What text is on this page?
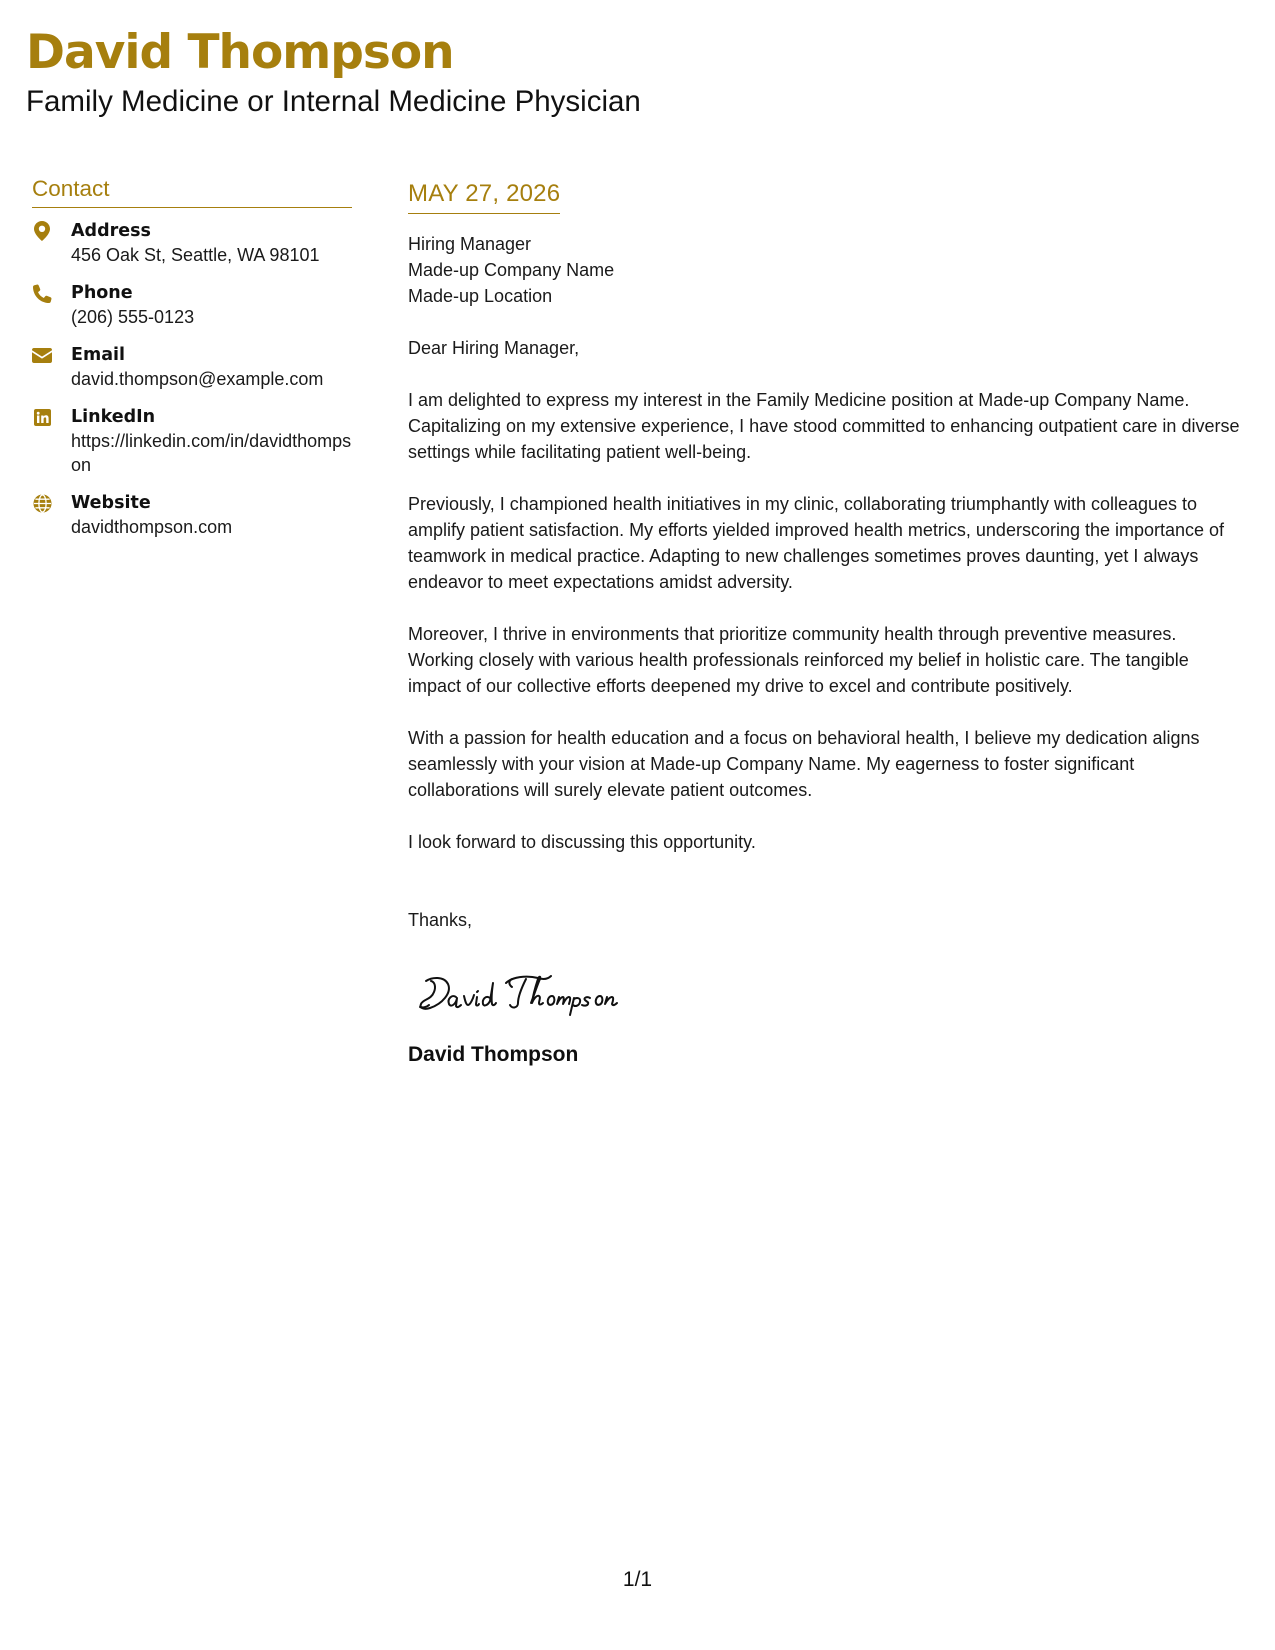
David Thompson
Family Medicine or Internal Medicine Physician
Contact
Address
456 Oak St, Seattle, WA 98101
Phone
(206) 555-0123
Email
david.thompson@example.com
LinkedIn
https://linkedin.com/in/davidthompson
Website
davidthompson.com
MAY 27, 2026
Hiring Manager
Made-up Company Name
Made-up Location
Dear Hiring Manager,
I am delighted to express my interest in the Family Medicine position at Made-up Company Name. Capitalizing on my extensive experience, I have stood committed to enhancing outpatient care in diverse settings while facilitating patient well-being.
Previously, I championed health initiatives in my clinic, collaborating triumphantly with colleagues to amplify patient satisfaction. My efforts yielded improved health metrics, underscoring the importance of teamwork in medical practice. Adapting to new challenges sometimes proves daunting, yet I always endeavor to meet expectations amidst adversity.
Moreover, I thrive in environments that prioritize community health through preventive measures. Working closely with various health professionals reinforced my belief in holistic care. The tangible impact of our collective efforts deepened my drive to excel and contribute positively.
With a passion for health education and a focus on behavioral health, I believe my dedication aligns seamlessly with your vision at Made-up Company Name. My eagerness to foster significant collaborations will surely elevate patient outcomes.
I look forward to discussing this opportunity.
Thanks,
David Thompson
1/1
